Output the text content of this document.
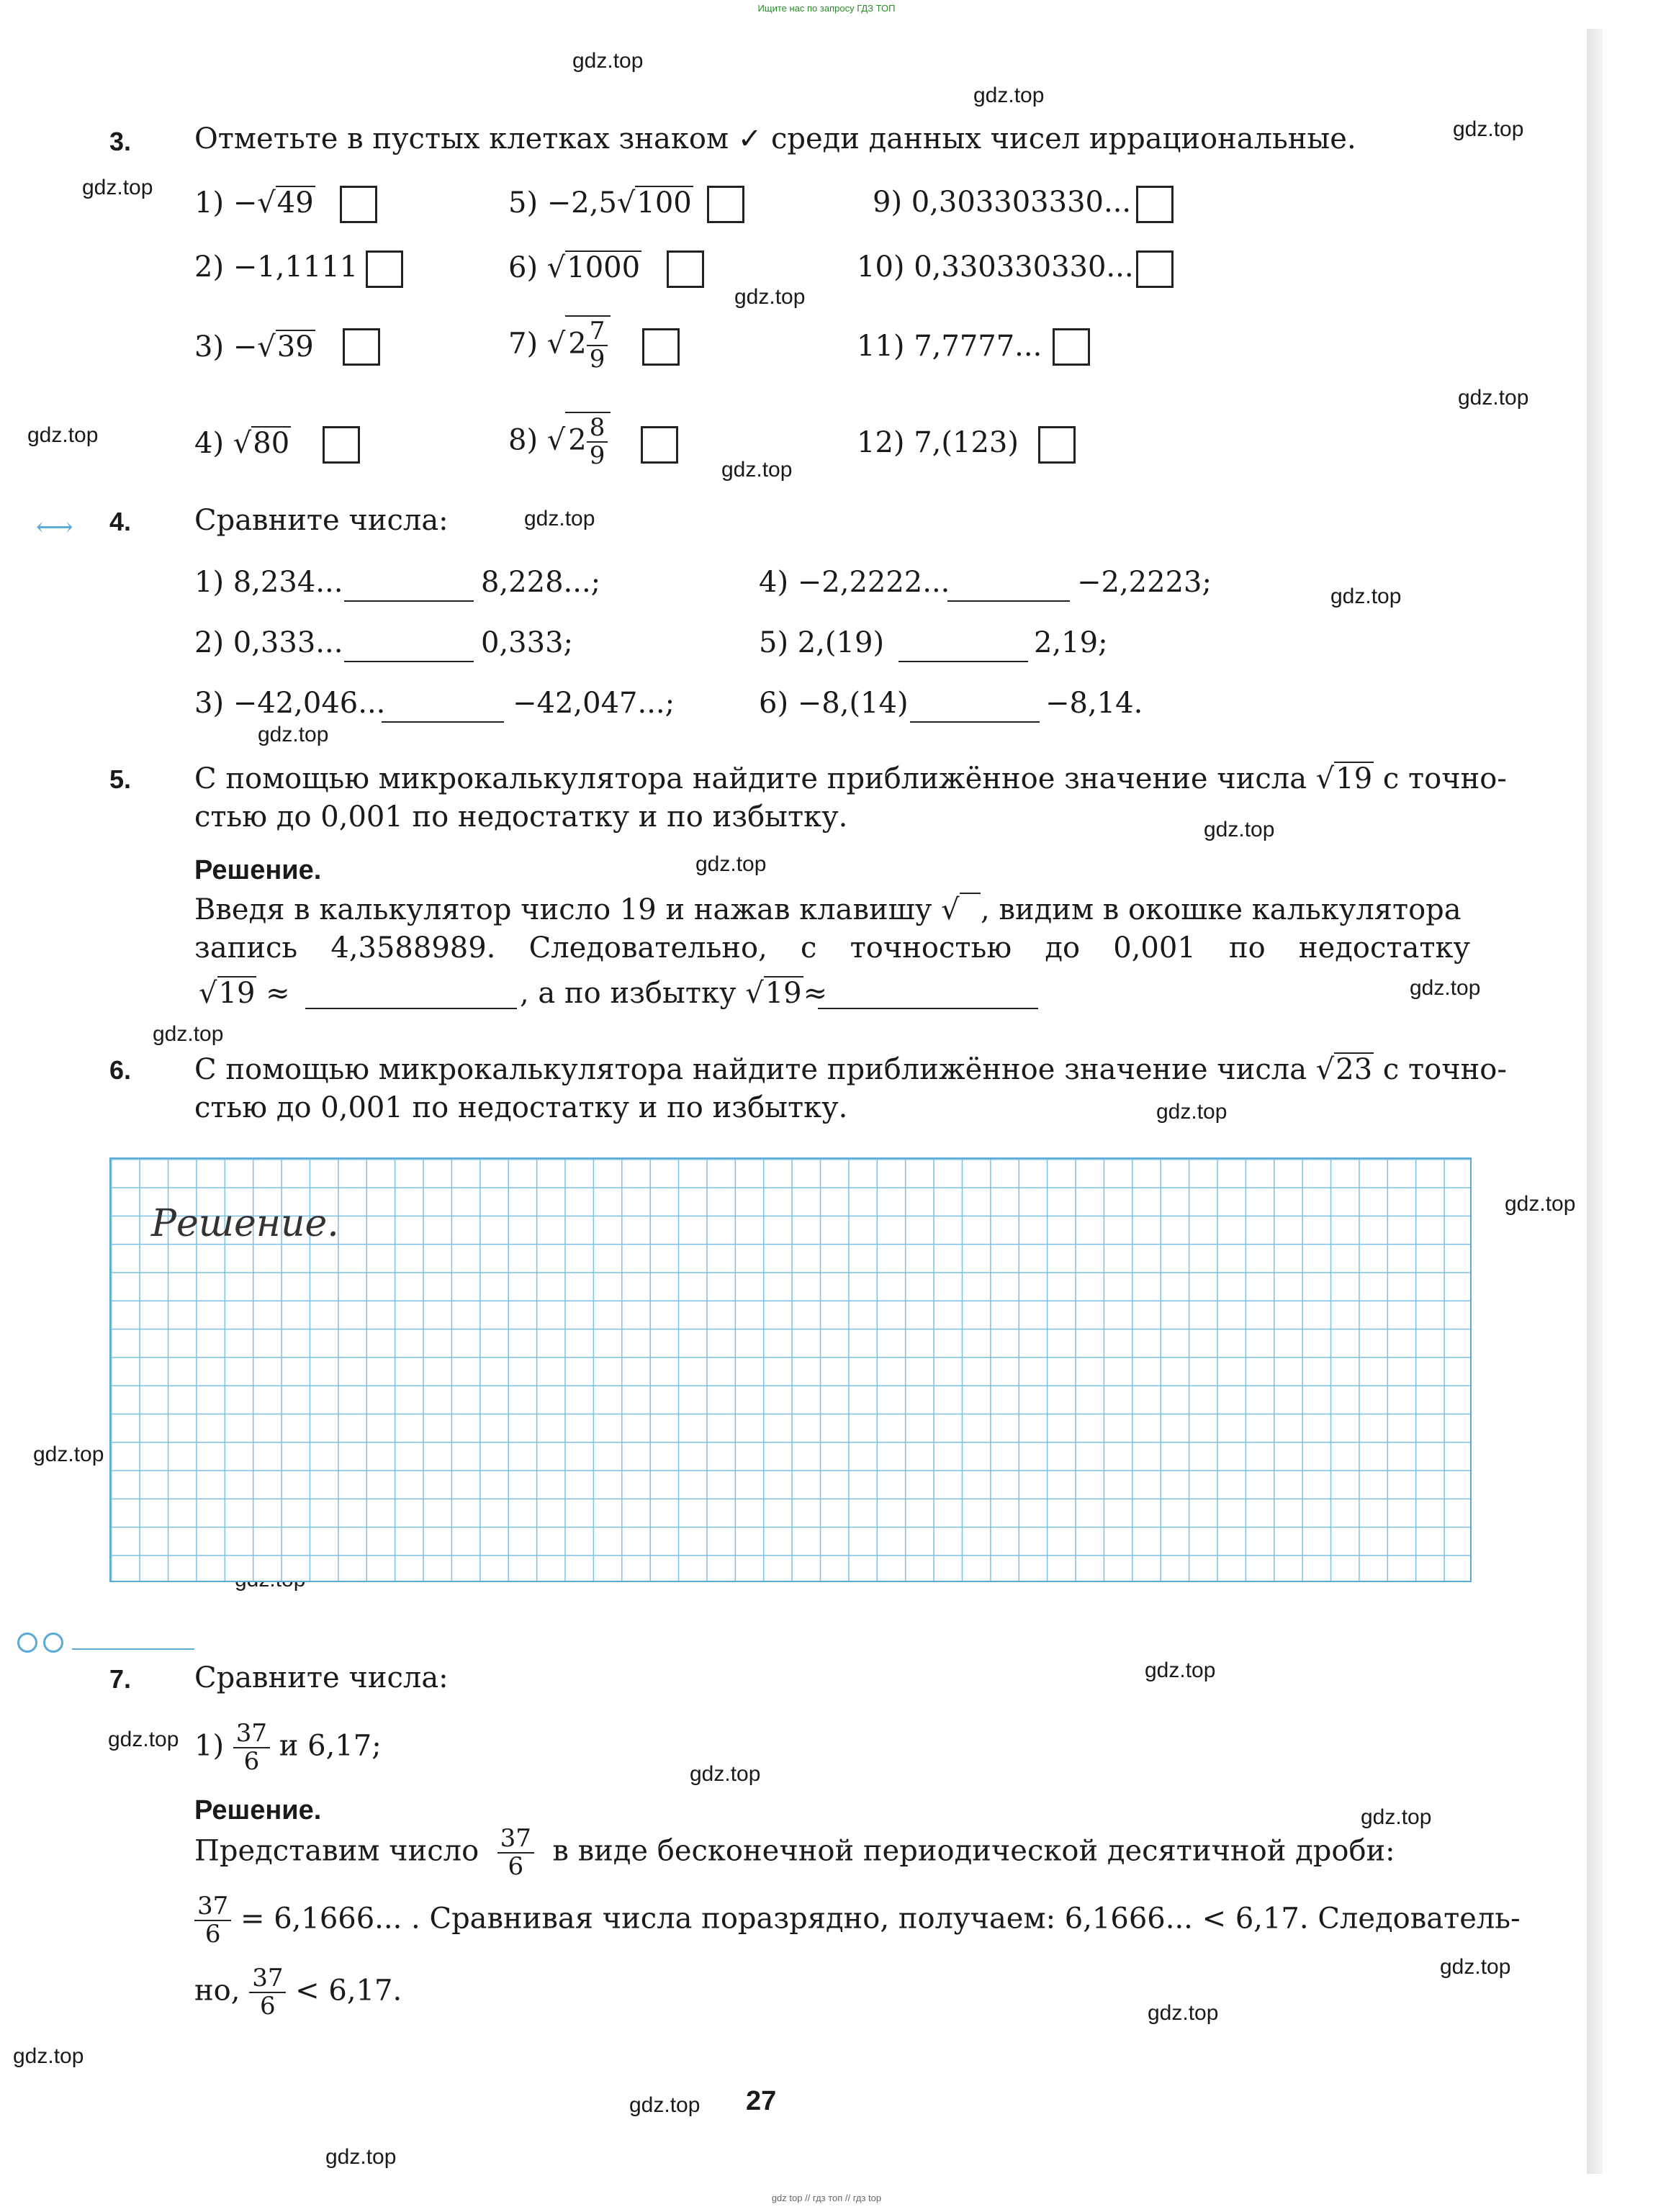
Ищите нас по запросу ГДЗ ТОП
gdz.top
gdz.top
gdz.top
gdz.top
gdz.top
gdz.top
gdz.top
gdz.top
gdz.top
gdz.top
gdz.top
gdz.top
gdz.top
gdz.top
gdz.top
gdz.top
gdz.top
gdz.top
gdz.top
gdz.top
gdz.top
gdz.top
gdz.top
gdz.top
gdz.top
gdz.top
gdz.top
3. Отметьте в пустых клетках знаком ✓ среди данных чисел иррациональные.
1) −√49
2) −1,1111
3) −√39
4) √80
5) −2,5√100
6) √1000
7) √ $2 \frac{7}{9}$
8) √ $2 \frac{8}{9}$
9) 0,303303330...
10) 0,330330330...
11) 7,7777...
12) 7,(123)
⟷ 4. Сравните числа:
1) 8,234...	8,228...;
2) 0,333...	0,333;
3) −42,046...	−42,047...;
4) −2,2222...	−2,2223;
5) 2,(19)	2,19;
6) −8,(14)	−8,14.
5. С помощью микрокалькулятора найдите приближённое значение числа √19 с точно-
стью до 0,001 по недостатку и по избытку.
Решение.
Введя в калькулятор число 19 и нажав клавишу √ , видим в окошке калькулятора
запись 4,3588989. Следовательно, с точностью до 0,001 по недостатку
√19 ≈	, а по избытку √19≈
6. С помощью микрокалькулятора найдите приближённое значение числа √23 с точно-
стью до 0,001 по недостатку и по избытку.
Решение.
7. Сравните числа:
$1) \frac{37}{6}$ и 6,17;
Решение.
Представим число $\frac{37}{6}$ в виде бесконечной периодической десятичной дроби:
$\frac{37}{6} = 6,1666$... . Сравнивая числа поразрядно, получаем: 6,1666... < 6,17. Следователь-
но, $\frac{37}{6} < 6,17$.
27
gdz top // гдз топ // гдз top
